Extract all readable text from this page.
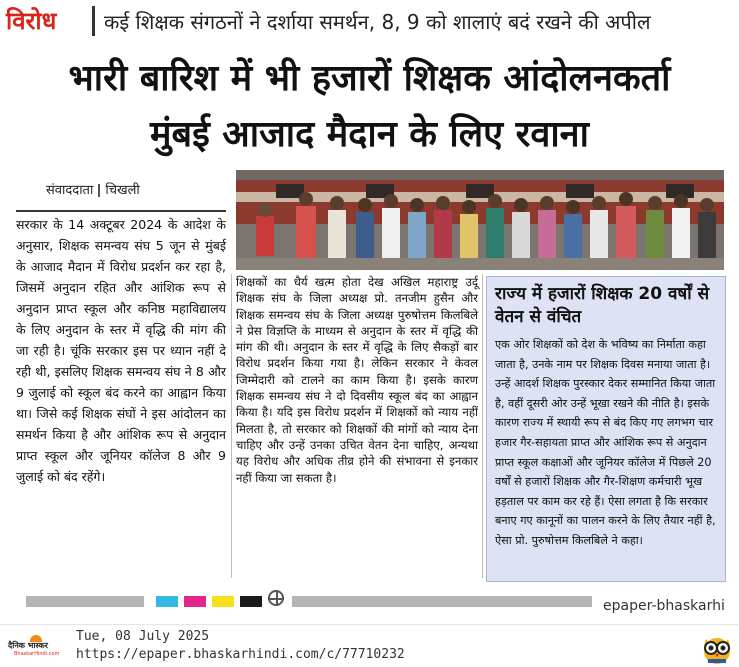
विरोध कई शिक्षक संगठनों ने दर्शाया समर्थन, 8, 9 को शालाएं बदं रखने की अपील
भारी बारिश में भी हजारों शिक्षक आंदोलनकर्ता
मुंबई आजाद मैदान के लिए रवाना
संवाददाता चिखली
सरकार के 14 अक्टूबर 2024 के आदेश के अनुसार, शिक्षक समन्वय संघ 5 जून से मुंबई के आजाद मैदान में विरोध प्रदर्शन कर रहा है, जिसमें अनुदान रहित और आंशिक रूप से अनुदान प्राप्त स्कूल और कनिष्ठ महाविद्यालय के लिए अनुदान के स्तर में वृद्धि की मांग की जा रही है। चूंकि सरकार इस पर ध्यान नहीं दे रही थी, इसलिए शिक्षक समन्वय संघ ने 8 और 9 जुलाई को स्कूल बंद करने का आह्वान किया था। जिसे कई शिक्षक संघों ने इस आंदोलन का समर्थन किया है और आंशिक रूप से अनुदान प्राप्त स्कूल और जूनियर कॉलेज 8 और 9 जुलाई को बंद रहेंगे।
शिक्षकों का धैर्य खत्म होता देख अखिल महाराष्ट्र उर्दू शिक्षक संघ के जिला अध्यक्ष प्रो. तनजीम हुसैन और शिक्षक समन्वय संघ के जिला अध्यक्ष पुरुषोत्तम किलबिले ने प्रेस विज्ञप्ति के माध्यम से अनुदान के स्तर में वृद्धि की मांग की थी। अनुदान के स्तर में वृद्धि के लिए सैकड़ों बार विरोध प्रदर्शन किया गया है। लेकिन सरकार ने केवल जिम्मेदारी को टालने का काम किया है। इसके कारण शिक्षक समन्वय संघ ने दो दिवसीय स्कूल बंद का आह्वान किया है। यदि इस विरोध प्रदर्शन में शिक्षकों को न्याय नहीं मिलता है, तो सरकार को शिक्षकों की मांगों को न्याय देना चाहिए और उन्हें उनका उचित वेतन देना चाहिए, अन्यथा यह विरोध और अधिक तीव्र होने की संभावना से इनकार नहीं किया जा सकता है।
राज्य में हजारों शिक्षक 20 वर्षों से वेतन से वंचित
एक ओर शिक्षकों को देश के भविष्य का निर्माता कहा जाता है, उनके नाम पर शिक्षक दिवस मनाया जाता है। उन्हें आदर्श शिक्षक पुरस्कार देकर सम्मानित किया जाता है, वहीं दूसरी ओर उन्हें भूखा रखने की नीति है। इसके कारण राज्य में स्थायी रूप से बंद किए गए लगभग चार हजार गैर-सहायता प्राप्त और आंशिक रूप से अनुदान प्राप्त स्कूल कक्षाओं और जूनियर कॉलेज में पिछले 20 वर्षों से हजारों शिक्षक और गैर-शिक्षण कर्मचारी भूख हड़ताल पर काम कर रहे हैं। ऐसा लगता है कि सरकार बनाए गए कानूनों का पालन करने के लिए तैयार नहीं है, ऐसा प्रो. पुरुषोत्तम किलबिले ने कहा।
epaper-bhaskarhi
दैनिक भास्कर
BhaskarHindi.com
Tue, 08 July 2025
https://epaper.bhaskarhindi.com/c/77710232
